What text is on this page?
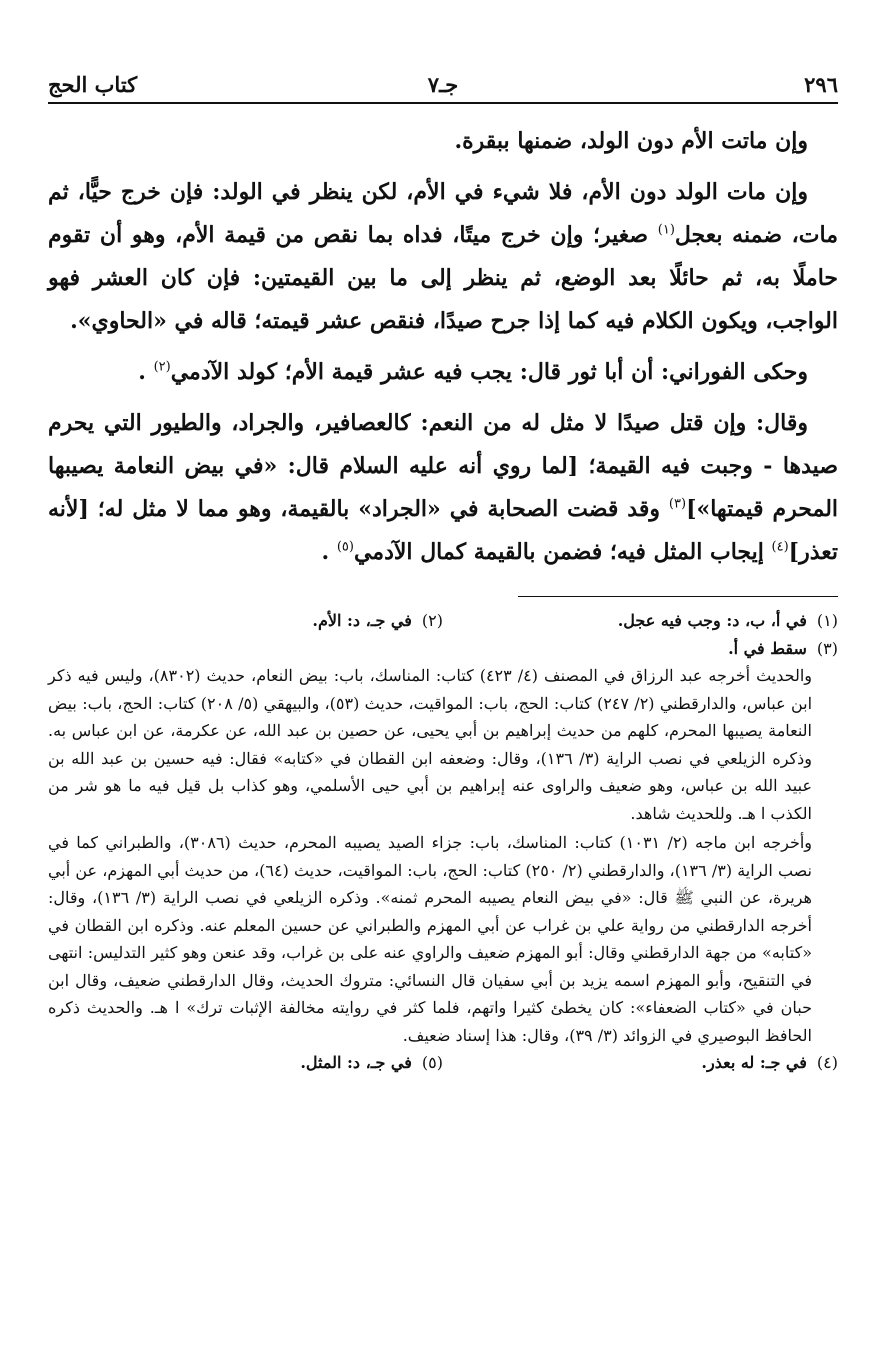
٢٩٦
جـ٧
كتاب الحج

وإن ماتت الأم دون الولد، ضمنها ببقرة.

وإن مات الولد دون الأم، فلا شيء في الأم، لكن ينظر في الولد: فإن خرج حيًّا، ثم مات، ضمنه بعجل$^{(١)}$ صغير؛ وإن خرج ميتًا، فداه بما نقص من قيمة الأم، وهو أن تقوم حاملًا به، ثم حائلًا بعد الوضع، ثم ينظر إلى ما بين القيمتين: فإن كان العشر فهو الواجب، ويكون الكلام فيه كما إذا جرح صيدًا، فنقص عشر قيمته؛ قاله في «الحاوي».

وحكى الفوراني: أن أبا ثور قال: يجب فيه عشر قيمة الأم؛ كولد الآدمي$^{(٢)}$ .

وقال: وإن قتل صيدًا لا مثل له من النعم: كالعصافير، والجراد، والطيور التي يحرم صيدها - وجبت فيه القيمة؛ [لما روي أنه عليه السلام قال: «في بيض النعامة يصيبها المحرم قيمتها»]$^{(٣)}$ وقد قضت الصحابة في «الجراد» بالقيمة، وهو مما لا مثل له؛ [لأنه تعذر]$^{(٤)}$ إيجاب المثل فيه؛ فضمن بالقيمة كمال الآدمي$^{(٥)}$ .

(١) في أ، ب، د: وجب فيه عجل.
(٢) في جـ، د: الأم.
(٣) سقط في أ.

والحديث أخرجه عبد الرزاق في المصنف (٤/ ٤٢٣) كتاب: المناسك، باب: بيض النعام، حديث (٨٣٠٢)، وليس فيه ذكر ابن عباس، والدارقطني (٢/ ٢٤٧) كتاب: الحج، باب: المواقيت، حديث (٥٣)، والبيهقي (٥/ ٢٠٨) كتاب: الحج، باب: بيض النعامة يصيبها المحرم، كلهم من حديث إبراهيم بن أبي يحيى، عن حصين بن عبد الله، عن عكرمة، عن ابن عباس به. وذكره الزيلعي في نصب الراية (٣/ ١٣٦)، وقال: وضعفه ابن القطان في «كتابه» فقال: فيه حسين بن عبد الله بن عبيد الله بن عباس، وهو ضعيف والراوى عنه إبراهيم بن أبي حيى الأسلمي، وهو كذاب بل قيل فيه ما هو شر من الكذب ا هـ. وللحديث شاهد.

وأخرجه ابن ماجه (٢/ ١٠٣١) كتاب: المناسك، باب: جزاء الصيد يصيبه المحرم، حديث (٣٠٨٦)، والطبراني كما في نصب الراية (٣/ ١٣٦)، والدارقطني (٢/ ٢٥٠) كتاب: الحج، باب: المواقيت، حديث (٦٤)، من حديث أبي المهزم، عن أبي هريرة، عن النبي ﷺ قال: «في بيض النعام يصيبه المحرم ثمنه». وذكره الزيلعي في نصب الراية (٣/ ١٣٦)، وقال: أخرجه الدارقطني من رواية علي بن غراب عن أبي المهزم والطبراني عن حسين المعلم عنه. وذكره ابن القطان في «كتابه» من جهة الدارقطني وقال: أبو المهزم ضعيف والراوي عنه على بن غراب، وقد عنعن وهو كثير التدليس: انتهى في التنقيح، وأبو المهزم اسمه يزيد بن أبي سفيان قال النسائي: متروك الحديث، وقال الدارقطني ضعيف، وقال ابن حبان في «كتاب الضعفاء»: كان يخطئ كثيرا واتهم، فلما كثر في روايته مخالفة الإثبات ترك» ا هـ. والحديث ذكره الحافظ البوصيري في الزوائد (٣/ ٣٩)، وقال: هذا إسناد ضعيف.

(٤) في جـ: له بعذر.
(٥) في جـ، د: المثل.
